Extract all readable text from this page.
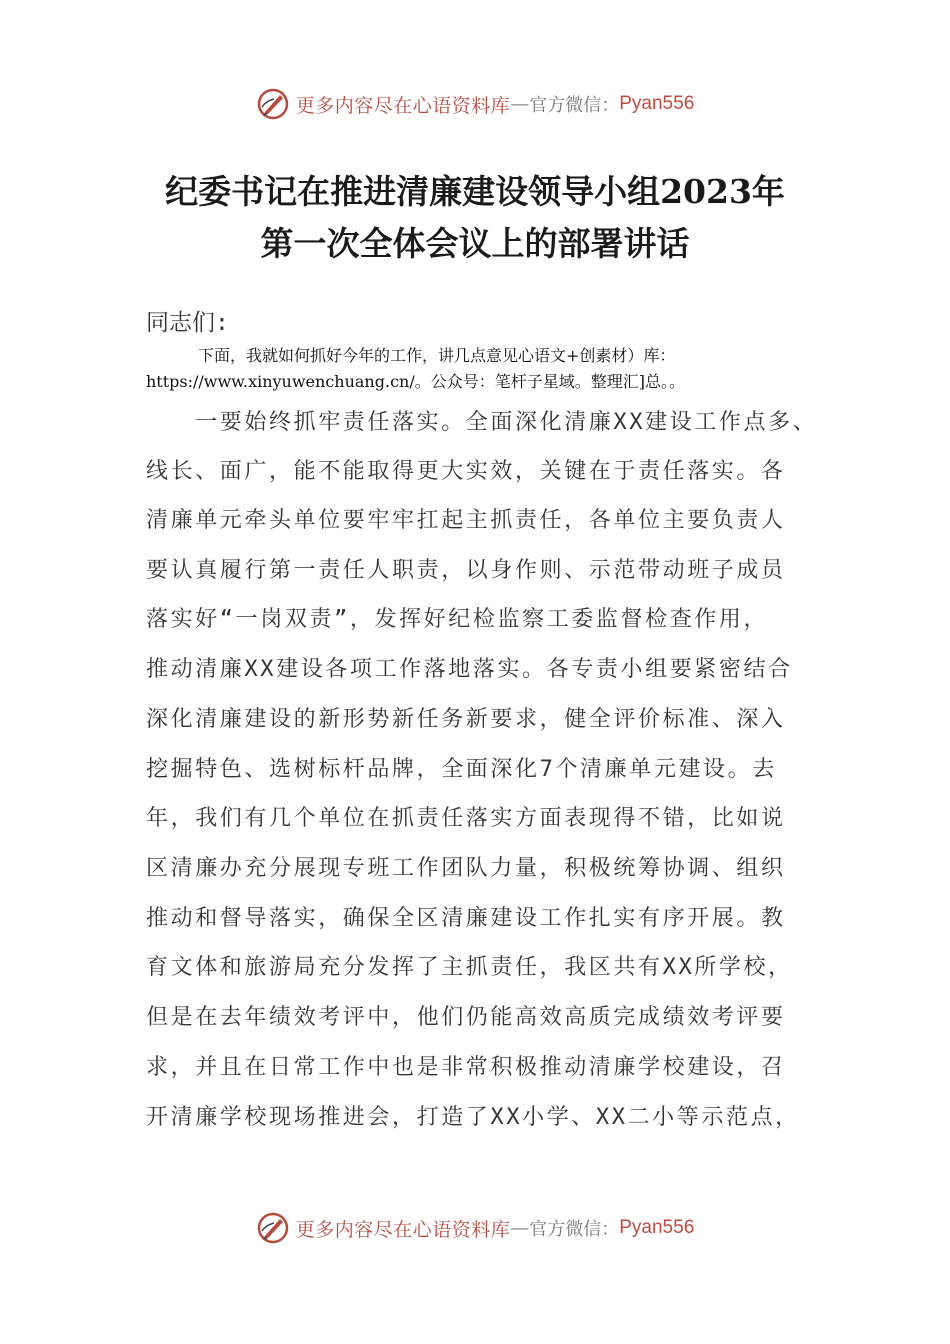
更多内容尽在心语资料库 — 官方微信： Pyan556
纪委书记在推进清廉建设领导小组2023年
第一次全体会议上的部署讲话
同志们:
下面，我就如何抓好今年的工作，讲几点意见心语文+创素材）库：
https://www.xinyuwenchuang.cn/。公众号：笔杆子星域。整理汇]总。。
　　一要始终抓牢责任落实。全面深化清廉XX建设工作点多、
线长、面广，能不能取得更大实效，关键在于责任落实。各
清廉单元牵头单位要牢牢扛起主抓责任，各单位主要负责人
要认真履行第一责任人职责，以身作则、示范带动班子成员
落实好“一岗双责”，发挥好纪检监察工委监督检查作用，
推动清廉XX建设各项工作落地落实。各专责小组要紧密结合
深化清廉建设的新形势新任务新要求，健全评价标准、深入
挖掘特色、选树标杆品牌，全面深化7个清廉单元建设。去
年，我们有几个单位在抓责任落实方面表现得不错，比如说
区清廉办充分展现专班工作团队力量，积极统筹协调、组织
推动和督导落实，确保全区清廉建设工作扎实有序开展。教
育文体和旅游局充分发挥了主抓责任，我区共有XX所学校，
但是在去年绩效考评中，他们仍能高效高质完成绩效考评要
求，并且在日常工作中也是非常积极推动清廉学校建设，召
开清廉学校现场推进会，打造了XX小学、XX二小等示范点，
更多内容尽在心语资料库 — 官方微信： Pyan556
